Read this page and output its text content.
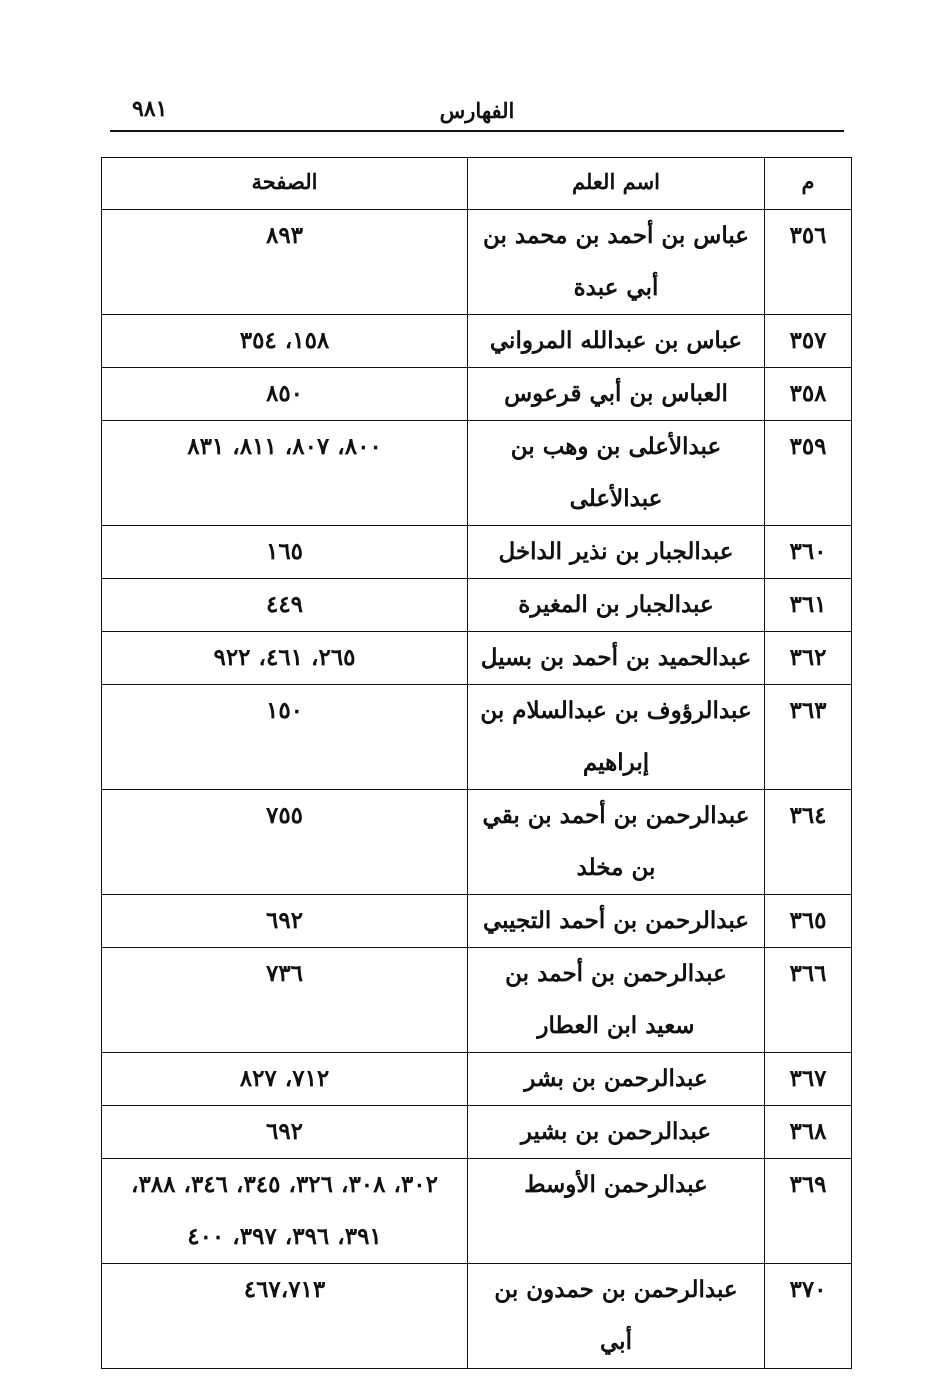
٩٨١	الفهارس
م	اسم العلم	الصفحة
٣٥٦	عباس بن أحمد بن محمد بن أبي عبدة	٨٩٣
٣٥٧	عباس بن عبدالله المرواني	١٥٨، ٣٥٤
٣٥٨	العباس بن أبي قرعوس	٨٥٠
٣٥٩	عبدالأعلى بن وهب بن عبدالأعلى	٨٠٠، ٨٠٧، ٨١١، ٨٣١
٣٦٠	عبدالجبار بن نذير الداخل	١٦٥
٣٦١	عبدالجبار بن المغيرة	٤٤٩
٣٦٢	عبدالحميد بن أحمد بن بسيل	٢٦٥، ٤٦١، ٩٢٢
٣٦٣	عبدالرؤوف بن عبدالسلام بن إبراهيم	١٥٠
٣٦٤	عبدالرحمن بن أحمد بن بقي بن مخلد	٧٥٥
٣٦٥	عبدالرحمن بن أحمد التجيبي	٦٩٢
٣٦٦	عبدالرحمن بن أحمد بن سعيد ابن العطار	٧٣٦
٣٦٧	عبدالرحمن بن بشر	٧١٢، ٨٢٧
٣٦٨	عبدالرحمن بن بشير	٦٩٢
٣٦٩	عبدالرحمن الأوسط	٣٠٢، ٣٠٨، ٣٢٦، ٣٤٥، ٣٤٦، ٣٨٨، ٣٩١، ٣٩٦، ٣٩٧، ٤٠٠
٣٧٠	عبدالرحمن بن حمدون بن أبي	٤٦٧،٧١٣
